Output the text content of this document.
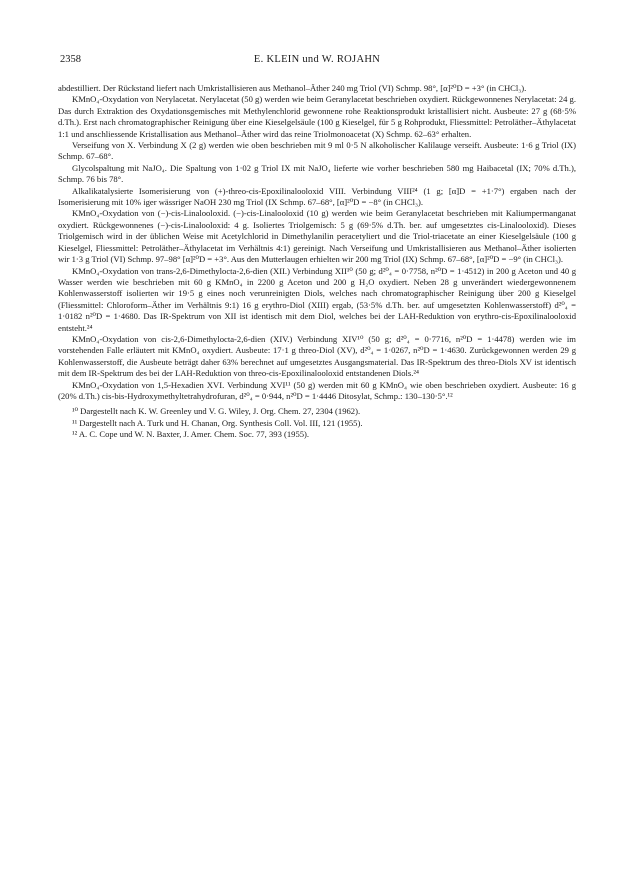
2358	E. KLEIN und W. ROJAHN

abdestilliert. Der Rückstand liefert nach Umkristallisieren aus Methanol–Äther 240 mg Triol (VI) Schmp. 98°, [α]²⁰D = +3° (in CHCl₃).

KMnO₄-Oxydation von Nerylacetat. Nerylacetat (50 g) werden wie beim Geranylacetat beschrieben oxydiert. Rückgewonnenes Nerylacetat: 24 g. Das durch Extraktion des Oxydationsgemisches mit Methylenchlorid gewonnene rohe Reaktionsprodukt kristallisiert nicht. Ausbeute: 27 g (68·5% d.Th.). Erst nach chromatographischer Reinigung über eine Kieselgelsäule (100 g Kieselgel, für 5 g Rohprodukt, Fliessmittel: Petroläther–Äthylacetat 1:1 und anschliessende Kristallisation aus Methanol–Äther wird das reine Triolmonoacetat (X) Schmp. 62–63° erhalten.

Verseifung von X. Verbindung X (2 g) werden wie oben beschrieben mit 9 ml 0·5 N alkoholischer Kalilauge verseift. Ausbeute: 1·6 g Triol (IX) Schmp. 67–68°.

Glycolspaltung mit NaJO₄. Die Spaltung von 1·02 g Triol IX mit NaJO₄ lieferte wie vorher beschrieben 580 mg Haibacetal (IX; 70% d.Th.), Schmp. 76 bis 78°.

Alkalikatalysierte Isomerisierung von (+)-threo-cis-Epoxilinalooloxid VIII. Verbindung VIII²⁴ (1 g; [α]D = +1·7°) ergaben nach der Isomerisierung mit 10% iger wässriger NaOH 230 mg Triol (IX Schmp. 67–68°, [α]²⁰D = −8° (in CHCl₃).

KMnO₄-Oxydation von (−)-cis-Linalooloxid. (−)-cis-Linalooloxid (10 g) werden wie beim Geranylacetat beschrieben mit Kaliumpermanganat oxydiert. Rückgewonnenes (−)-cis-Linalooloxid: 4 g. Isoliertes Triolgemisch: 5 g (69·5% d.Th. ber. auf umgesetztes cis-Linalooloxid). Dieses Triolgemisch wird in der üblichen Weise mit Acetylchlorid in Dimethylanilin peracetyliert und die Triol-triacetate an einer Kieselgelsäule (100 g Kieselgel, Fliessmittel: Petroläther–Äthylacetat im Verhältnis 4:1) gereinigt. Nach Verseifung und Umkristallisieren aus Methanol–Äther isolierten wir 1·3 g Triol (VI) Schmp. 97–98° [α]²⁰D = +3°. Aus den Mutterlaugen erhielten wir 200 mg Triol (IX) Schmp. 67–68°, [α]²⁰D = −9° (in CHCl₃).

KMnO₄-Oxydation von trans-2,6-Dimethylocta-2,6-dien (XII.) Verbindung XII¹⁰ (50 g; d²⁰₄ = 0·7758, n²⁰D = 1·4512) in 200 g Aceton und 40 g Wasser werden wie beschrieben mit 60 g KMnO₄ in 2200 g Aceton und 200 g H₂O oxydiert. Neben 28 g unverändert wiedergewonnenem Kohlenwasserstoff isolierten wir 19·5 g eines noch verunreinigten Diols, welches nach chromatographischer Reinigung über 200 g Kieselgel (Fliessmittel: Chloroform–Äther im Verhältnis 9:1) 16 g erythro-Diol (XIII) ergab, (53·5% d.Th. ber. auf umgesetzten Kohlenwasserstoff) d²⁰₄ = 1·0182 n²⁰D = 1·4680. Das IR-Spektrum von XII ist identisch mit dem Diol, welches bei der LAH-Reduktion von erythro-cis-Epoxilinalooloxid entsteht.²⁴

KMnO₄-Oxydation von cis-2,6-Dimethylocta-2,6-dien (XIV.) Verbindung XIV¹⁰ (50 g; d²⁰₄ = 0·7716, n²⁰D = 1·4478) werden wie im vorstehenden Falle erläutert mit KMnO₄ oxydiert. Ausbeute: 17·1 g threo-Diol (XV), d²⁰₄ = 1·0267, n²⁰D = 1·4630. Zurückgewonnen werden 29 g Kohlenwasserstoff, die Ausbeute beträgt daher 63% berechnet auf umgesetztes Ausgangsmaterial. Das IR-Spektrum des threo-Diols XV ist identisch mit dem IR-Spektrum des bei der LAH-Reduktion von threo-cis-Epoxilinalooloxid entstandenen Diols.²⁴

KMnO₄-Oxydation von 1,5-Hexadien XVI. Verbindung XVI¹¹ (50 g) werden mit 60 g KMnO₄ wie oben beschrieben oxydiert. Ausbeute: 16 g (20% d.Th.) cis-bis-Hydroxymethyltetrahydrofuran, d²⁰₄ = 0·944, n²⁰D = 1·4446 Ditosylat, Schmp.: 130–130·5°.¹²

¹⁰ Dargestellt nach K. W. Greenley und V. G. Wiley, J. Org. Chem. 27, 2304 (1962).

¹¹ Dargestellt nach A. Turk und H. Chanan, Org. Synthesis Coll. Vol. III, 121 (1955).

¹² A. C. Cope und W. N. Baxter, J. Amer. Chem. Soc. 77, 393 (1955).
